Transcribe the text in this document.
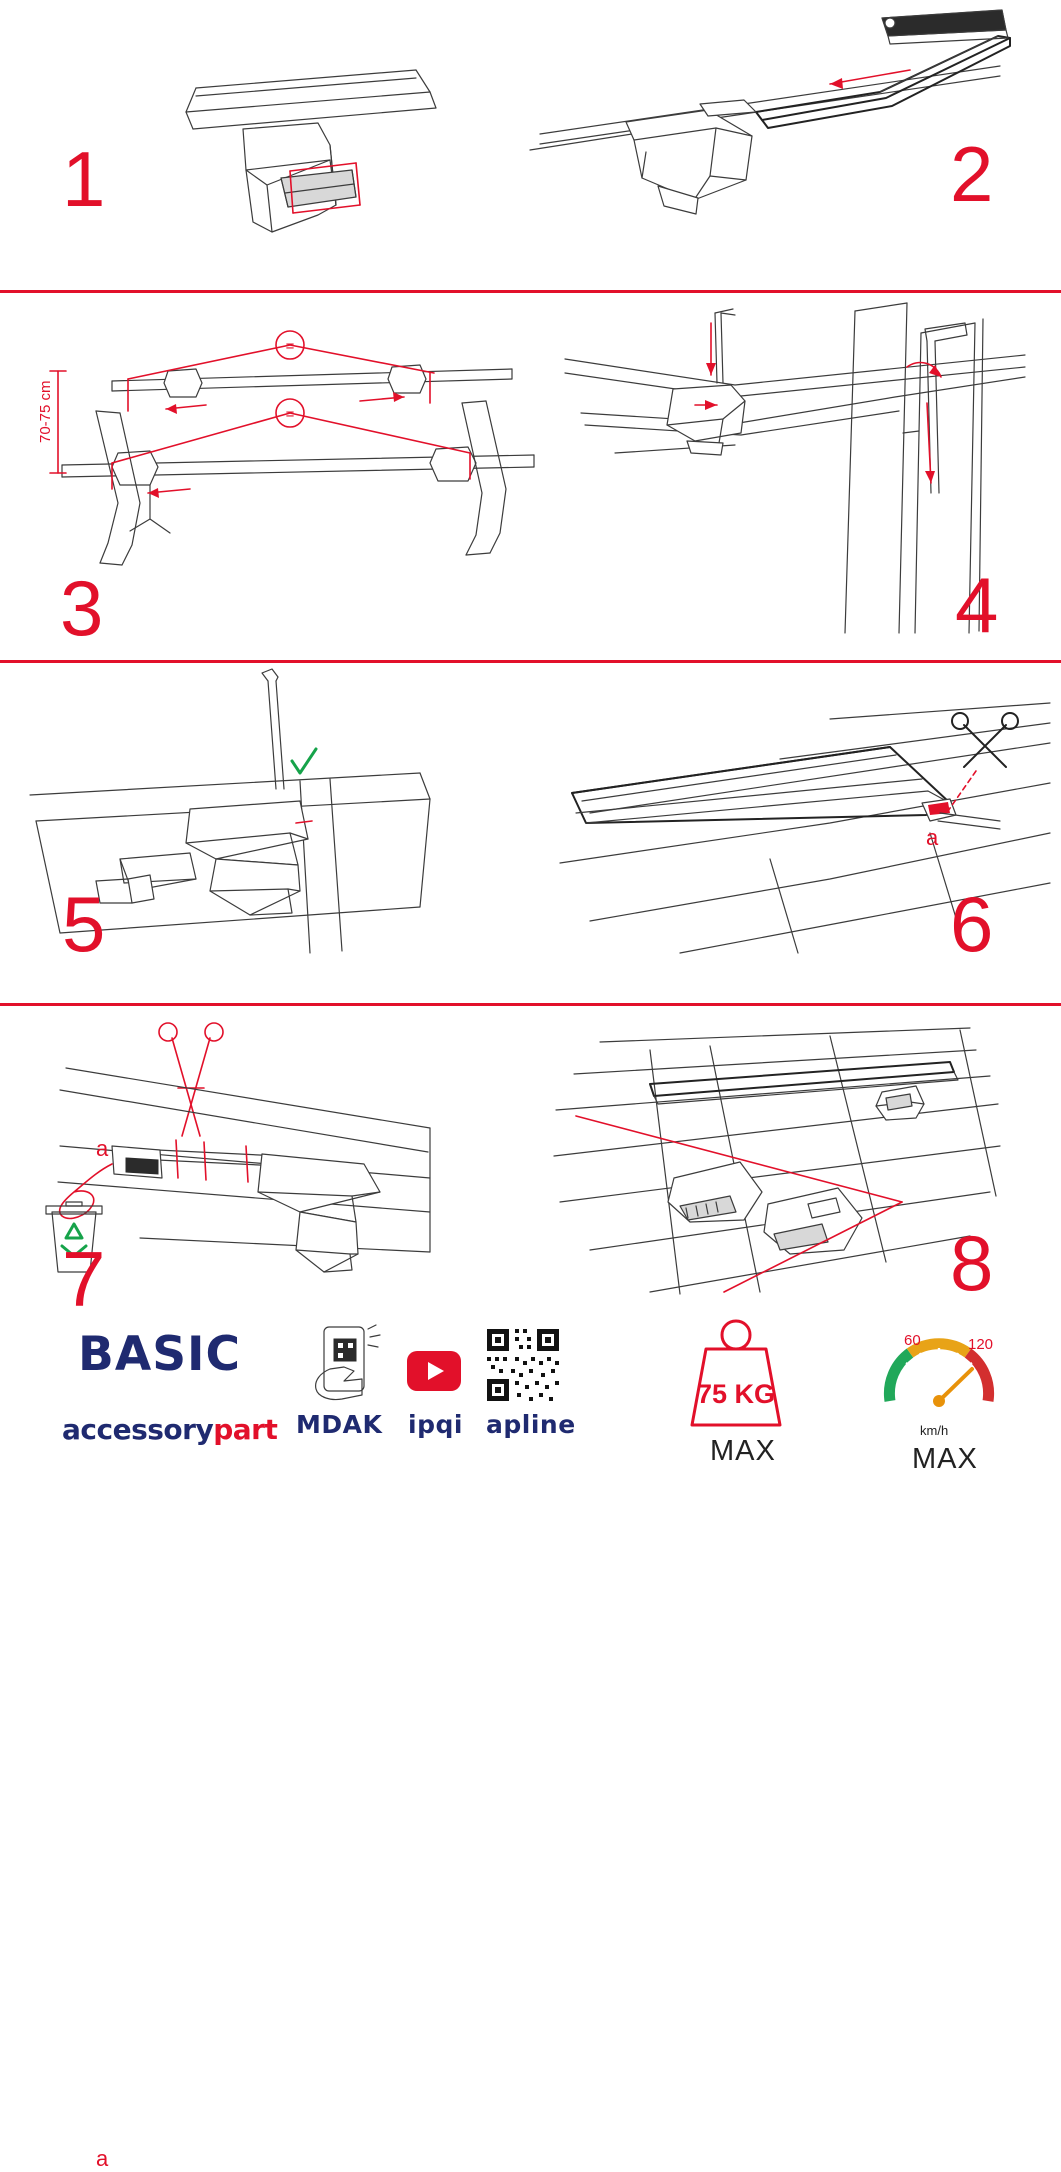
1	2
=
=
70-75 cm
3	4
5
a
6
a
7	8
BASIC
accessorypart MDAK ipqi apline
75 KG
MAX
60	120
km/h
MAX
a
